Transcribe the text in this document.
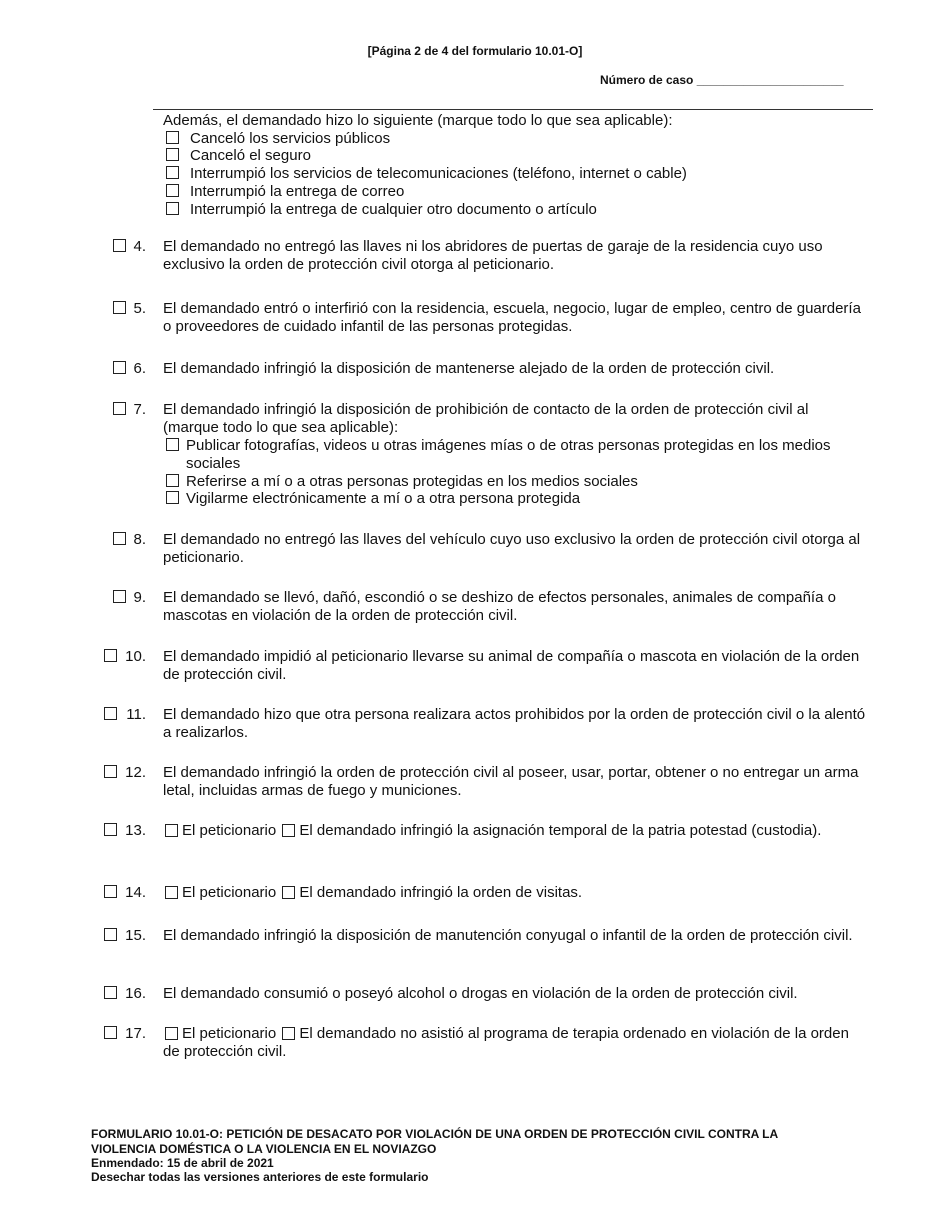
[Página 2 de 4 del formulario 10.01-O]
Número de caso ______________________
Además, el demandado hizo lo siguiente (marque todo lo que sea aplicable):
Canceló los servicios públicos
Canceló el seguro
Interrumpió los servicios de telecomunicaciones (teléfono, internet o cable)
Interrumpió la entrega de correo
Interrumpió la entrega de cualquier otro documento o artículo
4. El demandado no entregó las llaves ni los abridores de puertas de garaje de la residencia cuyo uso exclusivo la orden de protección civil otorga al peticionario.
5. El demandado entró o interfirió con la residencia, escuela, negocio, lugar de empleo, centro de guardería o proveedores de cuidado infantil de las personas protegidas.
6. El demandado infringió la disposición de mantenerse alejado de la orden de protección civil.
7. El demandado infringió la disposición de prohibición de contacto de la orden de protección civil al (marque todo lo que sea aplicable):
Publicar fotografías, videos u otras imágenes mías o de otras personas protegidas en los medios sociales
Referirse a mí o a otras personas protegidas en los medios sociales
Vigilarme electrónicamente a mí o a otra persona protegida
8. El demandado no entregó las llaves del vehículo cuyo uso exclusivo la orden de protección civil otorga al peticionario.
9. El demandado se llevó, dañó, escondió o se deshizo de efectos personales, animales de compañía o mascotas en violación de la orden de protección civil.
10. El demandado impidió al peticionario llevarse su animal de compañía o mascota en violación de la orden de protección civil.
11. El demandado hizo que otra persona realizara actos prohibidos por la orden de protección civil o la alentó a realizarlos.
12. El demandado infringió la orden de protección civil al poseer, usar, portar, obtener o no entregar un arma letal, incluidas armas de fuego y municiones.
13.	El peticionario El demandado infringió la asignación temporal de la patria potestad (custodia).
14.	El peticionario El demandado infringió la orden de visitas.
15. El demandado infringió la disposición de manutención conyugal o infantil de la orden de protección civil.
16. El demandado consumió o poseyó alcohol o drogas en violación de la orden de protección civil.
17.	El peticionario El demandado no asistió al programa de terapia ordenado en violación de la orden de protección civil.
FORMULARIO 10.01-O: PETICIÓN DE DESACATO POR VIOLACIÓN DE UNA ORDEN DE PROTECCIÓN CIVIL CONTRA LA
VIOLENCIA DOMÉSTICA O LA VIOLENCIA EN EL NOVIAZGO
Enmendado: 15 de abril de 2021
Desechar todas las versiones anteriores de este formulario
